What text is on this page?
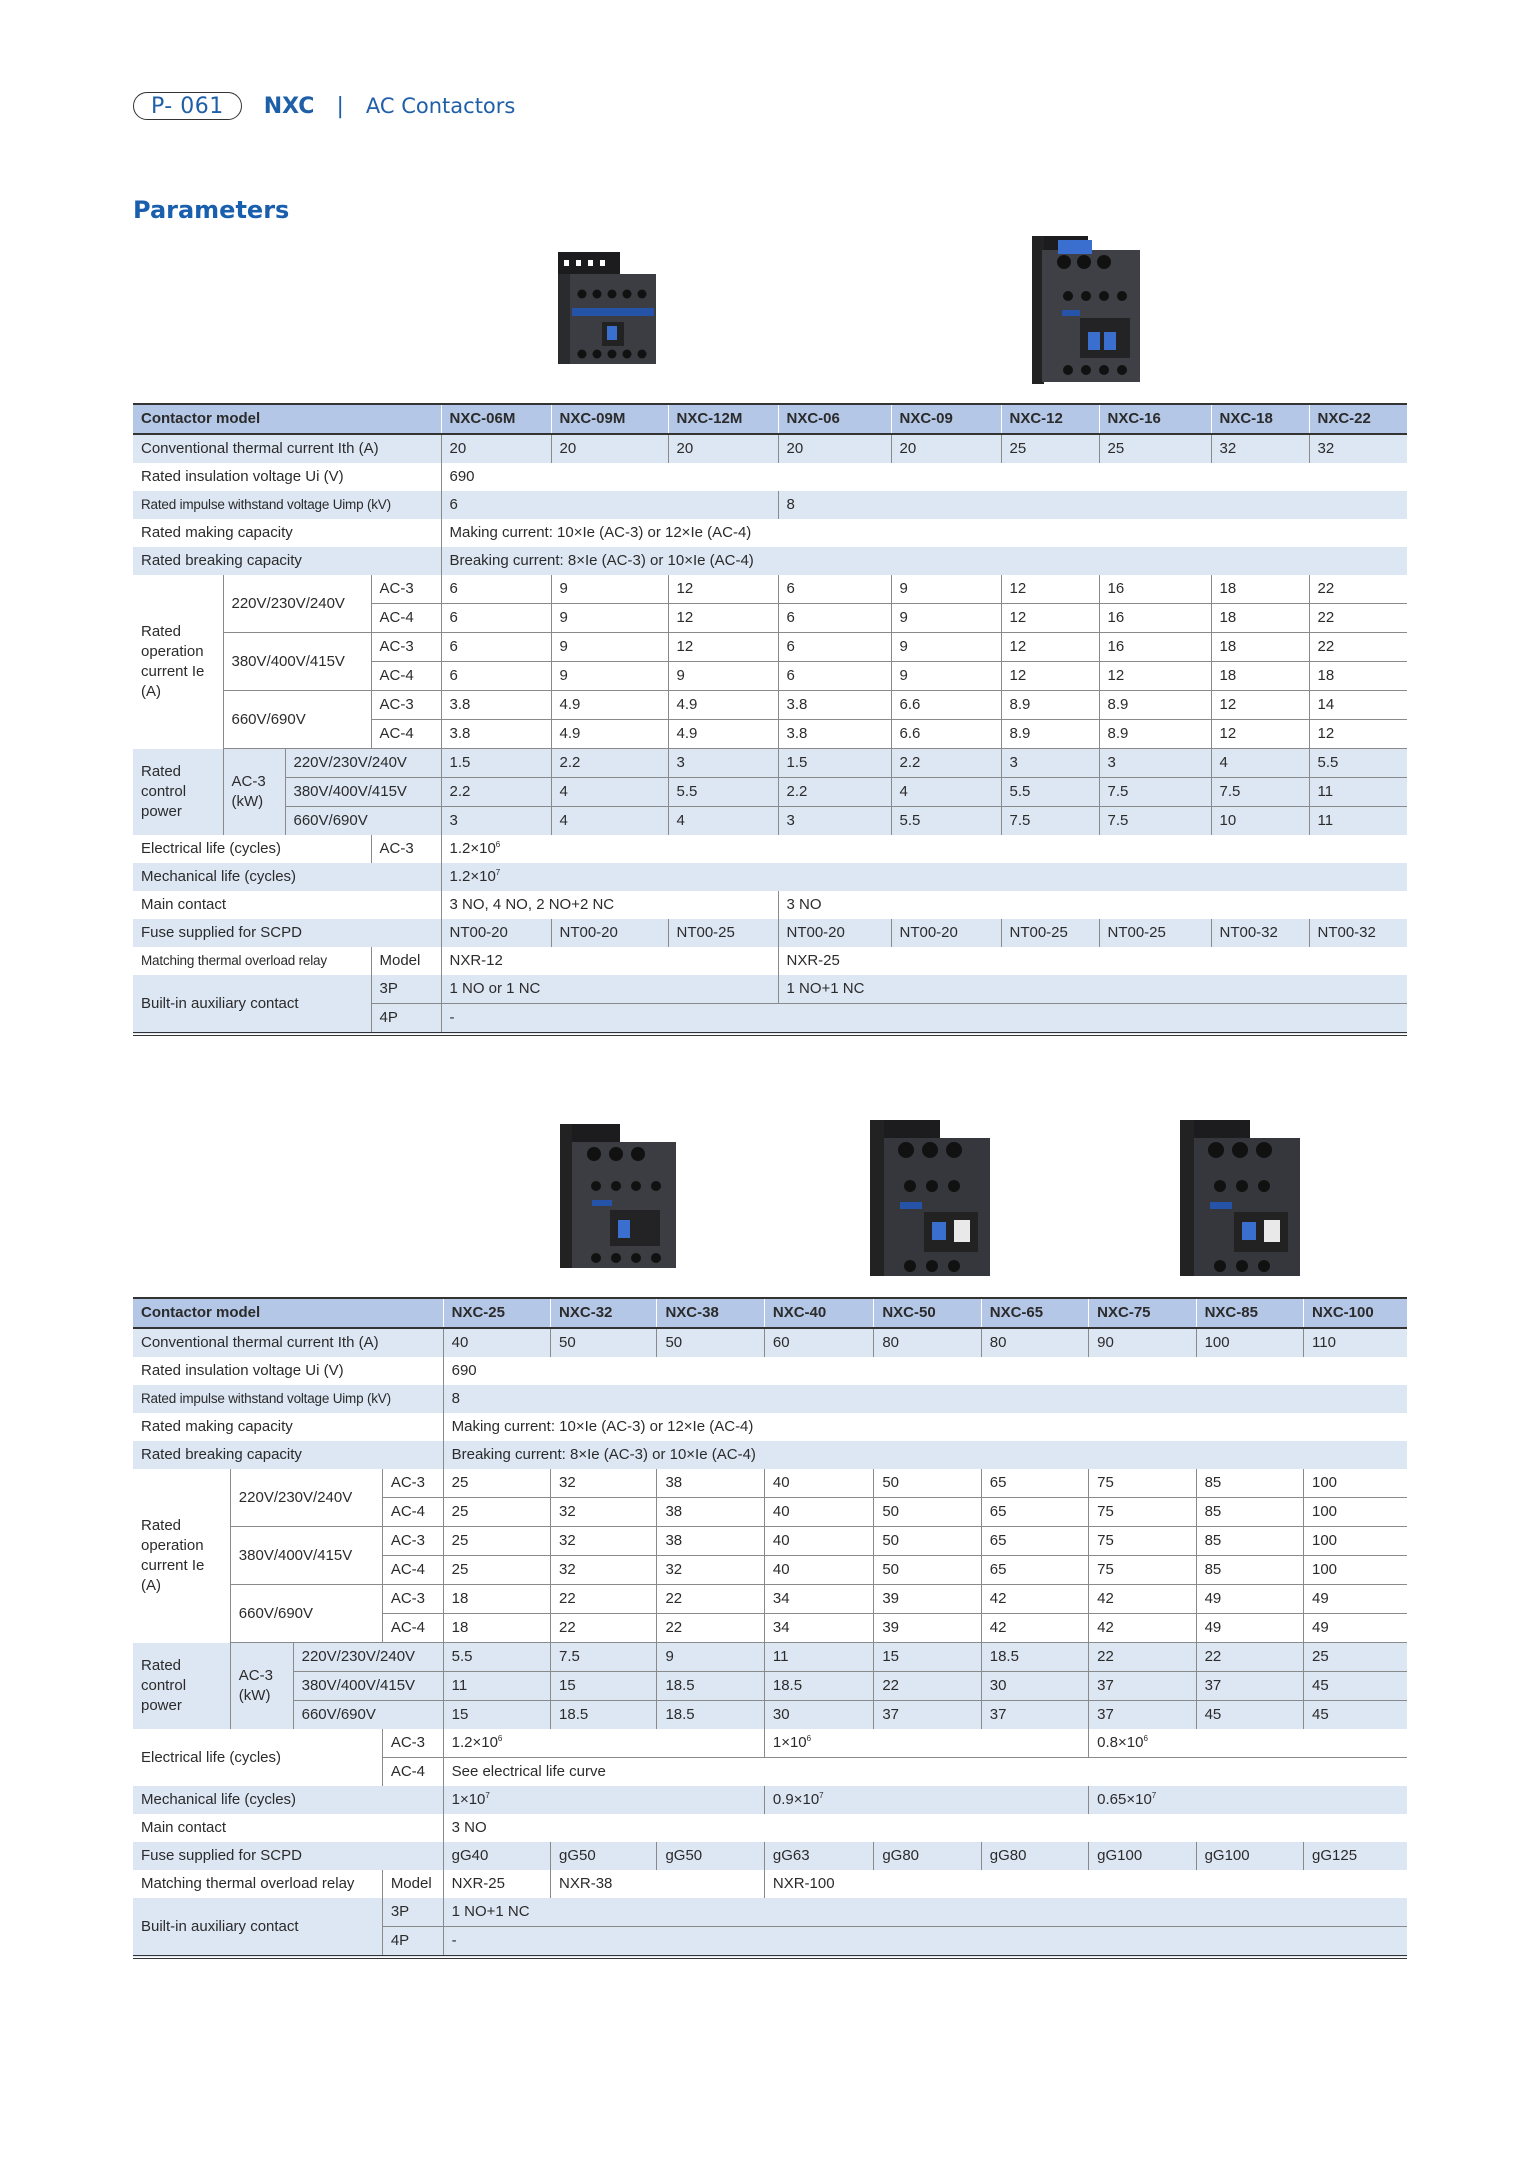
P- 061	NXC | AC Contactors
Parameters
Contactor model				NXC-06M	NXC-09M	NXC-12M	NXC-06	NXC-09	NXC-12	NXC-16	NXC-18	NXC-22
Conventional thermal current Ith (A)				20	20	20	20	20	25	25	32	32
Rated insulation voltage Ui (V)				690								
Rated impulse withstand voltage Uimp (kV)				6			8					
Rated making capacity				Making current: 10×Ie (AC-3) or 12×Ie (AC-4)								
Rated breaking capacity				Breaking current: 8×Ie (AC-3) or 10×Ie (AC-4)								
Rated operation current Ie (A)	220V/230V/240V		AC-3	6	9	12	6	9	12	16	18	22
			AC-4	6	9	12	6	9	12	16	18	22
	380V/400V/415V		AC-3	6	9	12	6	9	12	16	18	22
			AC-4	6	9	9	6	9	12	12	18	18
	660V/690V		AC-3	3.8	4.9	4.9	3.8	6.6	8.9	8.9	12	14
			AC-4	3.8	4.9	4.9	3.8	6.6	8.9	8.9	12	12
Rated control power	AC-3 (kW)	220V/230V/240V		1.5	2.2	3	1.5	2.2	3	3	4	5.5
		380V/400V/415V		2.2	4	5.5	2.2	4	5.5	7.5	7.5	11
		660V/690V		3	4	4	3	5.5	7.5	7.5	10	11
Electrical life (cycles)			AC-3	$1.2\times 10^6$
Mechanical life (cycles)				$1.2\times 10^7$
Main contact				3 NO, 4 NO, 2 NO+2 NC			3 NO					
Fuse supplied for SCPD				NT00-20	NT00-20	NT00-25	NT00-20	NT00-20	NT00-25	NT00-25	NT00-32	NT00-32
Matching thermal overload relay			Model	NXR-12			NXR-25					
Built-in auxiliary contact			3P	1 NO or 1 NC			1 NO+1 NC					
			4P	-								
Contactor model				NXC-25	NXC-32	NXC-38	NXC-40	NXC-50	NXC-65	NXC-75	NXC-85	NXC-100
Conventional thermal current Ith (A)				40	50	50	60	80	80	90	100	110
Rated insulation voltage Ui (V)				690								
Rated impulse withstand voltage Uimp (kV)				8								
Rated making capacity				Making current: 10×Ie (AC-3) or 12×Ie (AC-4)								
Rated breaking capacity				Breaking current: 8×Ie (AC-3) or 10×Ie (AC-4)								
Rated operation current Ie (A)	220V/230V/240V		AC-3	25	32	38	40	50	65	75	85	100
			AC-4	25	32	38	40	50	65	75	85	100
	380V/400V/415V		AC-3	25	32	38	40	50	65	75	85	100
			AC-4	25	32	32	40	50	65	75	85	100
	660V/690V		AC-3	18	22	22	34	39	42	42	49	49
			AC-4	18	22	22	34	39	42	42	49	49
Rated control power	AC-3 (kW)	220V/230V/240V		5.5	7.5	9	11	15	18.5	22	22	25
		380V/400V/415V		11	15	18.5	18.5	22	30	37	37	45
		660V/690V		15	18.5	18.5	30	37	37	37	45	45
Electrical life (cycles)			AC-3	$1.2\times 10^6$			$1\times 10^6$			$0.8\times 10^6$
			AC-4	See electrical life curve								
Mechanical life (cycles)				$1\times 10^7$			$0.9\times 10^7$			$0.65\times 10^7$
Main contact				3 NO								
Fuse supplied for SCPD				gG40	gG50	gG50	gG63	gG80	gG80	gG100	gG100	gG125
Matching thermal overload relay			Model	NXR-25	NXR-38		NXR-100					
Built-in auxiliary contact			3P	1 NO+1 NC								
			4P	-								
